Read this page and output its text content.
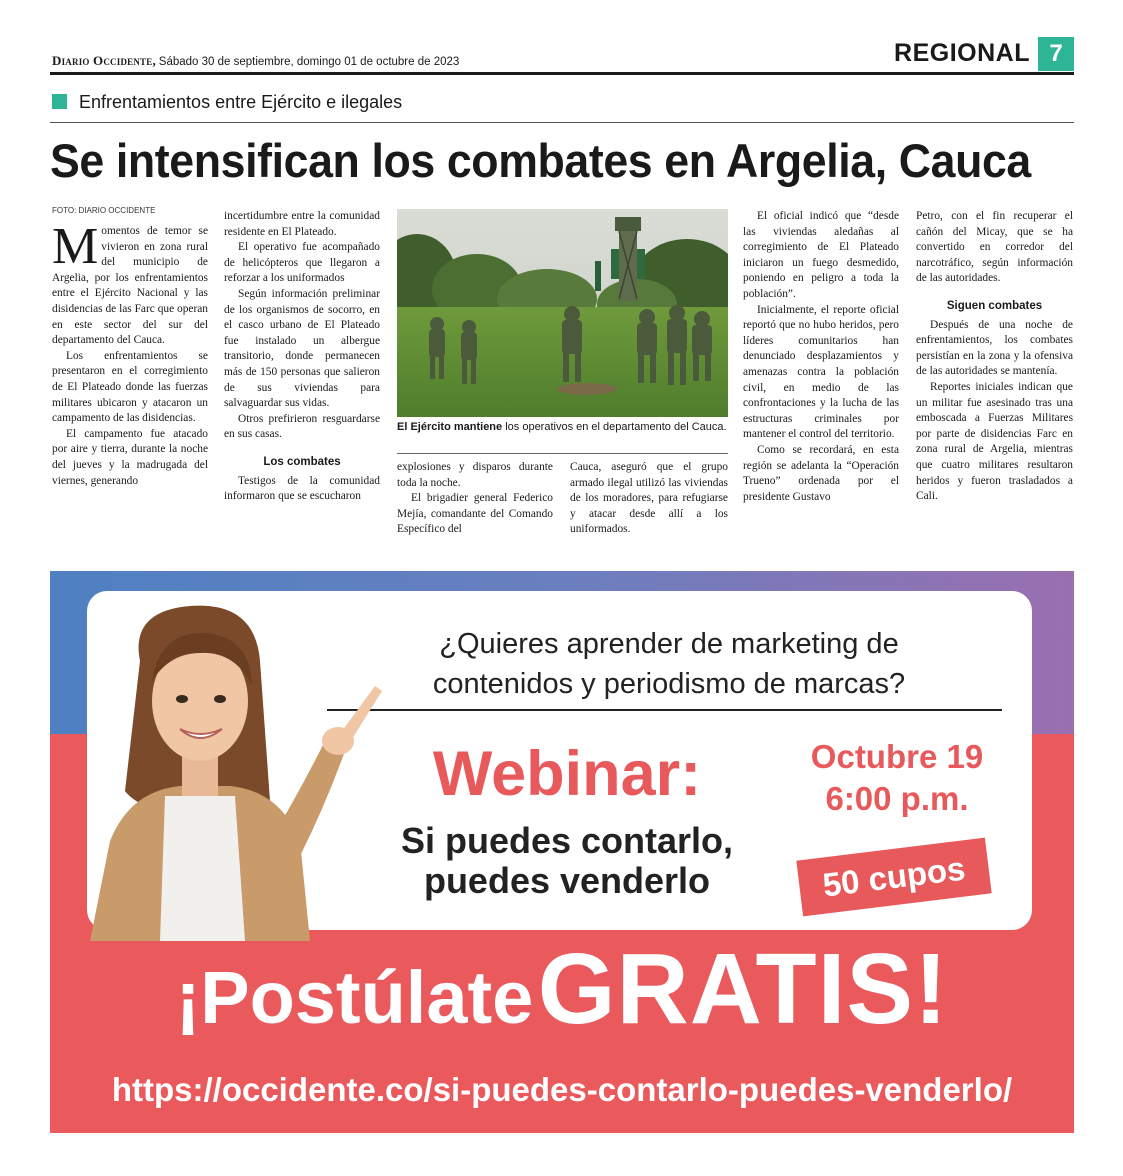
Diario Occidente, Sábado 30 de septiembre, domingo 01 de octubre de 2023	REGIONAL 7
Enfrentamientos entre Ejército e ilegales
Se intensifican los combates en Argelia, Cauca
FOTO: DIARIO OCCIDENTE

Momentos de temor se vivieron en zona rural del municipio de Argelia, por los enfrentamientos entre el Ejército Nacional y las disidencias de las Farc que operan en este sector del sur del departamento del Cauca.

Los enfrentamientos se presentaron en el corregimiento de El Plateado donde las fuerzas militares ubicaron y atacaron un campamento de las disidencias.

El campamento fue atacado por aire y tierra, durante la noche del jueves y la madrugada del viernes, generando

incertidumbre entre la comunidad residente en El Plateado.

El operativo fue acompañado de helicópteros que llegaron a reforzar a los uniformados

Según información preliminar de los organismos de socorro, en el casco urbano de El Plateado fue instalado un albergue transitorio, donde permanecen más de 150 personas que salieron de sus viviendas para salvaguardar sus vidas.

Otros prefirieron resguardarse en sus casas.

Los combates

Testigos de la comunidad informaron que se escucharon

El Ejército mantiene los operativos en el departamento del Cauca.

explosiones y disparos durante toda la noche.

El brigadier general Federico Mejía, comandante del Comando Específico del

Cauca, aseguró que el grupo armado ilegal utilizó las viviendas de los moradores, para refugiarse y atacar desde allí a los uniformados.

El oficial indicó que “desde las viviendas aledañas al corregimiento de El Plateado iniciaron un fuego desmedido, poniendo en peligro a toda la población”.

Inicialmente, el reporte oficial reportó que no hubo heridos, pero líderes comunitarios han denunciado desplazamientos y amenazas contra la población civil, en medio de las confrontaciones y la lucha de las estructuras criminales por mantener el control del territorio.

Como se recordará, en esta región se adelanta la “Operación Trueno” ordenada por el presidente Gustavo

Petro, con el fin recuperar el cañón del Micay, que se ha convertido en corredor del narcotráfico, según información de las autoridades.

Siguen combates

Después de una noche de enfrentamientos, los combates persistían en la zona y la ofensiva de las autoridades se mantenía.

Reportes iniciales indican que un militar fue asesinado tras una emboscada a Fuerzas Militares por parte de disidencias Farc en zona rural de Argelia, mientras que cuatro militares resultaron heridos y fueron trasladados a Cali.

¿Quieres aprender de marketing de
contenidos y periodismo de marcas?
Webinar:
Si puedes contarlo,
puedes venderlo
Octubre 19
6:00 p.m.
50 cupos
¡Postúlate GRATIS!
https://occidente.co/si-puedes-contarlo-puedes-venderlo/
